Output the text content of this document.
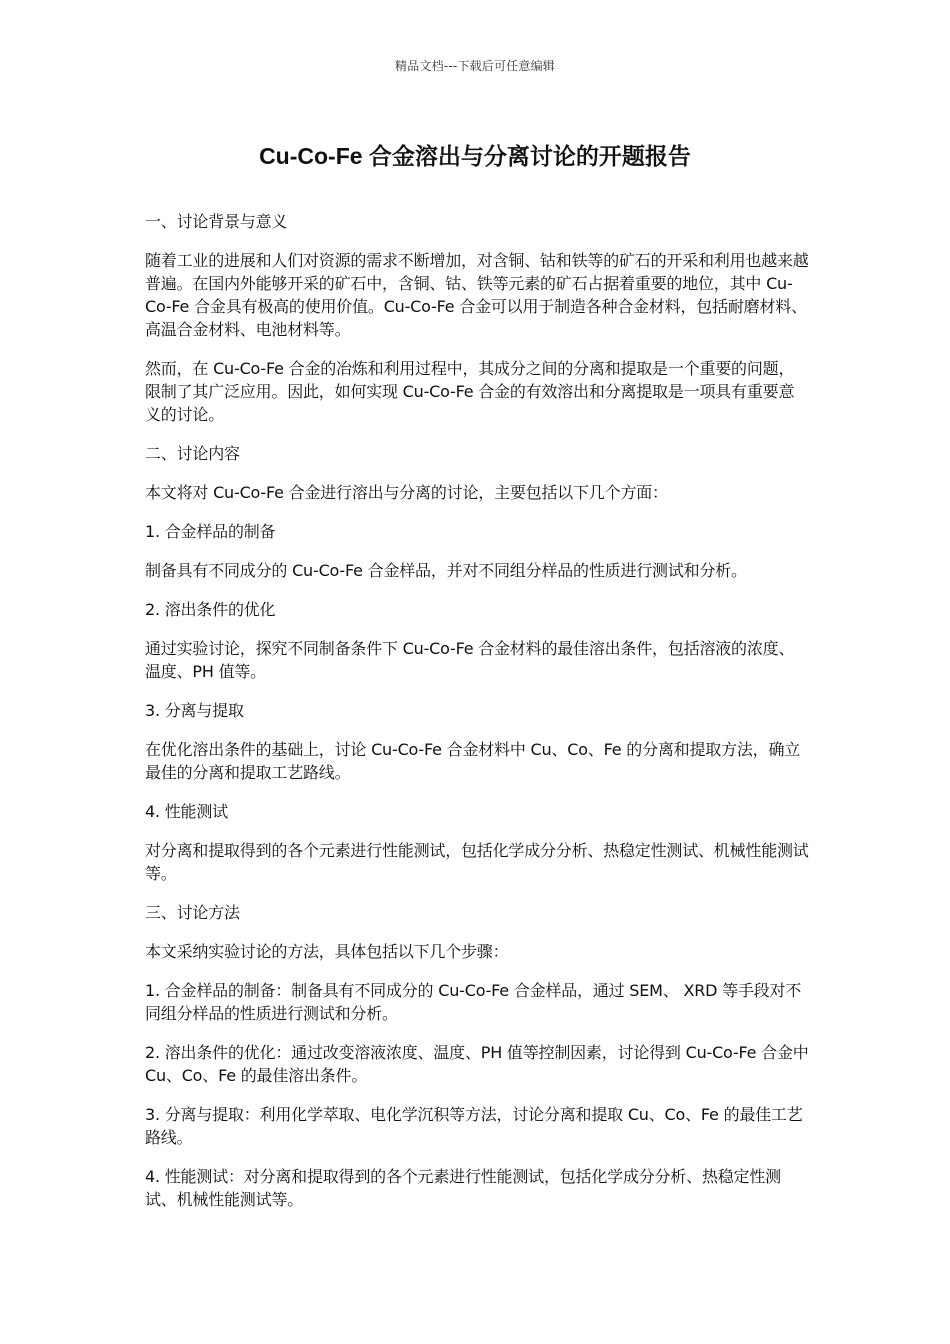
精品文档---下载后可任意编辑
Cu-Co-Fe 合金溶出与分离讨论的开题报告

一、讨论背景与意义

随着工业的进展和人们对资源的需求不断增加，对含铜、钴和铁等的矿石的开采和利用也越来越普遍。在国内外能够开采的矿石中，含铜、钴、铁等元素的矿石占据着重要的地位，其中 Cu-Co-Fe 合金具有极高的使用价值。Cu-Co-Fe 合金可以用于制造各种合金材料，包括耐磨材料、高温合金材料、电池材料等。

然而，在 Cu-Co-Fe 合金的冶炼和利用过程中，其成分之间的分离和提取是一个重要的问题，限制了其广泛应用。因此，如何实现 Cu-Co-Fe 合金的有效溶出和分离提取是一项具有重要意义的讨论。

二、讨论内容

本文将对 Cu-Co-Fe 合金进行溶出与分离的讨论，主要包括以下几个方面：

1. 合金样品的制备

制备具有不同成分的 Cu-Co-Fe 合金样品，并对不同组分样品的性质进行测试和分析。

2. 溶出条件的优化

通过实验讨论，探究不同制备条件下 Cu-Co-Fe 合金材料的最佳溶出条件，包括溶液的浓度、温度、PH 值等。

3. 分离与提取

在优化溶出条件的基础上，讨论 Cu-Co-Fe 合金材料中 Cu、Co、Fe 的分离和提取方法，确立最佳的分离和提取工艺路线。

4. 性能测试

对分离和提取得到的各个元素进行性能测试，包括化学成分分析、热稳定性测试、机械性能测试等。

三、讨论方法

本文采纳实验讨论的方法，具体包括以下几个步骤：

1. 合金样品的制备：制备具有不同成分的 Cu-Co-Fe 合金样品，通过 SEM、 XRD 等手段对不同组分样品的性质进行测试和分析。

2. 溶出条件的优化：通过改变溶液浓度、温度、PH 值等控制因素，讨论得到 Cu-Co-Fe 合金中 Cu、Co、Fe 的最佳溶出条件。

3. 分离与提取：利用化学萃取、电化学沉积等方法，讨论分离和提取 Cu、Co、Fe 的最佳工艺路线。

4. 性能测试：对分离和提取得到的各个元素进行性能测试，包括化学成分分析、热稳定性测试、机械性能测试等。
